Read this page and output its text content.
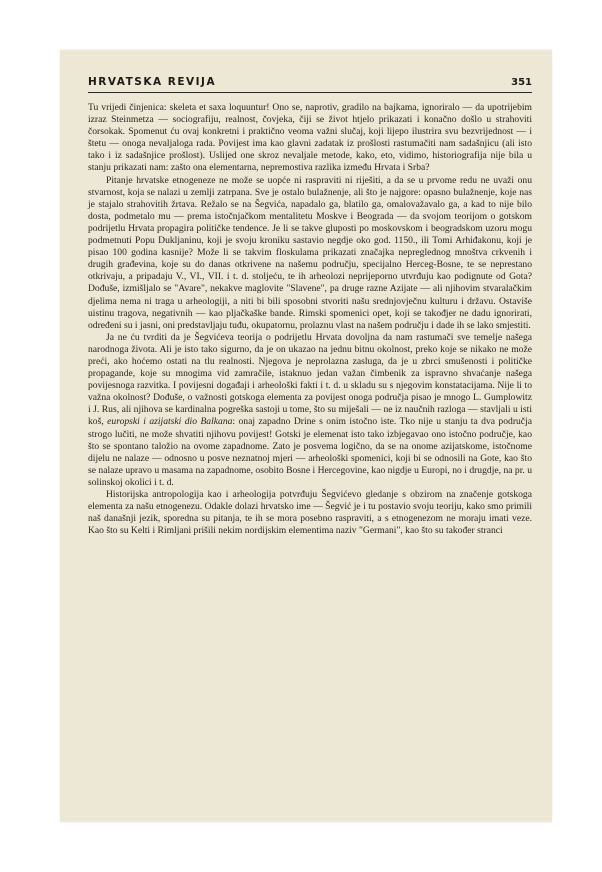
HRVATSKA REVIJA	351

Tu vrijedi činjenica: skeleta et saxa loquuntur! Ono se, naprotiv, gradilo na bajkama, ignoriralo — da upotrijebim izraz Steinmetza — sociografiju, realnost, čovjeka, čiji se život htjelo prikazati i konačno došlo u strahoviti čorsokak. Spomenut ću ovaj konkretni i praktično veoma važni slučaj, koji lijepo ilustrira svu bezvrijednost — i štetu — onoga nevaljaloga rada. Povijest ima kao glavni zadatak iz prošlosti rastumačiti nam sadašnjicu (ali isto tako i iz sadašnjice prošlost). Uslijed one skroz nevaljale metode, kako, eto, vidimo, historiografija nije bila u stanju prikazati nam: zašto ona elementarna, nepremostiva razlika između Hrvata i Srba?

Pitanje hrvatske etnogeneze ne može se uopće ni raspraviti ni riješiti, a da se u prvome redu ne uvaži onu stvarnost, koja se nalazi u zemlji zatrpana. Sve je ostalo bulažnenje, ali što je najgore: opasno bulažnenje, koje nas je stajalo strahovitih žrtava. Režalo se na Šegvića, napadalo ga, blatilo ga, omalovažavalo ga, a kad to nije bilo dosta, podmetalo mu — prema istočnjačkom mentalitetu Moskve i Beograda — da svojom teorijom o gotskom podrijetlu Hrvata propagira političke tendence. Je li se takve gluposti po moskovskom i beogradskom uzoru mogu podmetnuti Popu Dukljaninu, koji je svoju kroniku sastavio negdje oko god. 1150., ili Tomi Arhiđakonu, koji je pisao 100 godina kasnije? Može li se takvim floskulama prikazati značajka nepreglednog mnoštva crkvenih i drugih građevina, koje su do danas otkrivene na našemu području, specijalno Herceg-Bosne, te se neprestano otkrivaju, a pripadaju V., VI., VII. i t. d. stoljeću, te ih arheolozi neprijeporno utvrđuju kao podignute od Gota? Dođuše, izmišljalo se "Avare", nekakve maglovite "Slavene", pa druge razne Azijate — ali njihovim stvaralačkim djelima nema ni traga u arheologiji, a niti bi bili sposobni stvoriti našu srednjovječnu kulturu i državu. Ostaviše uistinu tragova, negativnih — kao pljačkaške bande. Rimski spomenici opet, koji se takođjer ne dadu ignorirati, određeni su i jasni, oni predstavljaju tuđu, okupatornu, prolaznu vlast na našem području i dade ih se lako smjestiti.

Ja ne ću tvrditi da je Šegvićeva teorija o podrijetlu Hrvata dovoljna da nam rastumači sve temelje našega narodnoga života. Ali je isto tako sigurno, da je on ukazao na jednu bitnu okolnost, preko koje se nikako ne može preći, ako hoćemo ostati na tlu realnosti. Njegova je neprolazna zasluga, da je u zbrci smušenosti i političke propagande, koje su mnogima vid zamračile, istaknuo jedan važan čimbenik za ispravno shvaćanje našega povijesnoga razvitka. I povijesni događaji i arheološki fakti i t. d. u skladu su s njegovim konstatacijama. Nije li to važna okolnost? Dođuše, o važnosti gotskoga elementa za povijest onoga područja pisao je mnogo L. Gumplowitz i J. Rus, ali njihova se kardinalna pogreška sastoji u tome, što su miješali — ne iz naučnih razloga — stavljali u isti koš, europski i azijatski dio Balkana: onaj zapadno Drine s onim istočno iste. Tko nije u stanju ta dva područja strogo lučiti, ne može shvatiti njihovu povijest! Gotski je elemenat isto tako izbjegavao ono istočno područje, kao što se spontano taložio na ovome zapadnome. Zato je posvema logično, da se na onome azijatskome, istočnome dijelu ne nalaze — odnosno u posve neznatnoj mjeri — arheološki spomenici, koji bi se odnosili na Gote, kao što se nalaze upravo u masama na zapadnome, osobito Bosne i Hercegovine, kao nigdje u Europi, no i drugdje, na pr. u solinskoj okolici i t. d.

Historijska antropologija kao i arheologija potvrđuju Šegvićevo gledanje s obzirom na značenje gotskoga elementa za našu etnogenezu. Odakle dolazi hrvatsko ime — Šegvić je i tu postavio svoju teoriju, kako smo primili naš današnji jezik, sporedna su pitanja, te ih se mora posebno raspraviti, a s etnogenezom ne moraju imati veze. Kao što su Kelti i Rimljani prišili nekim nordijskim elementima naziv "Germani", kao što su također stranci
